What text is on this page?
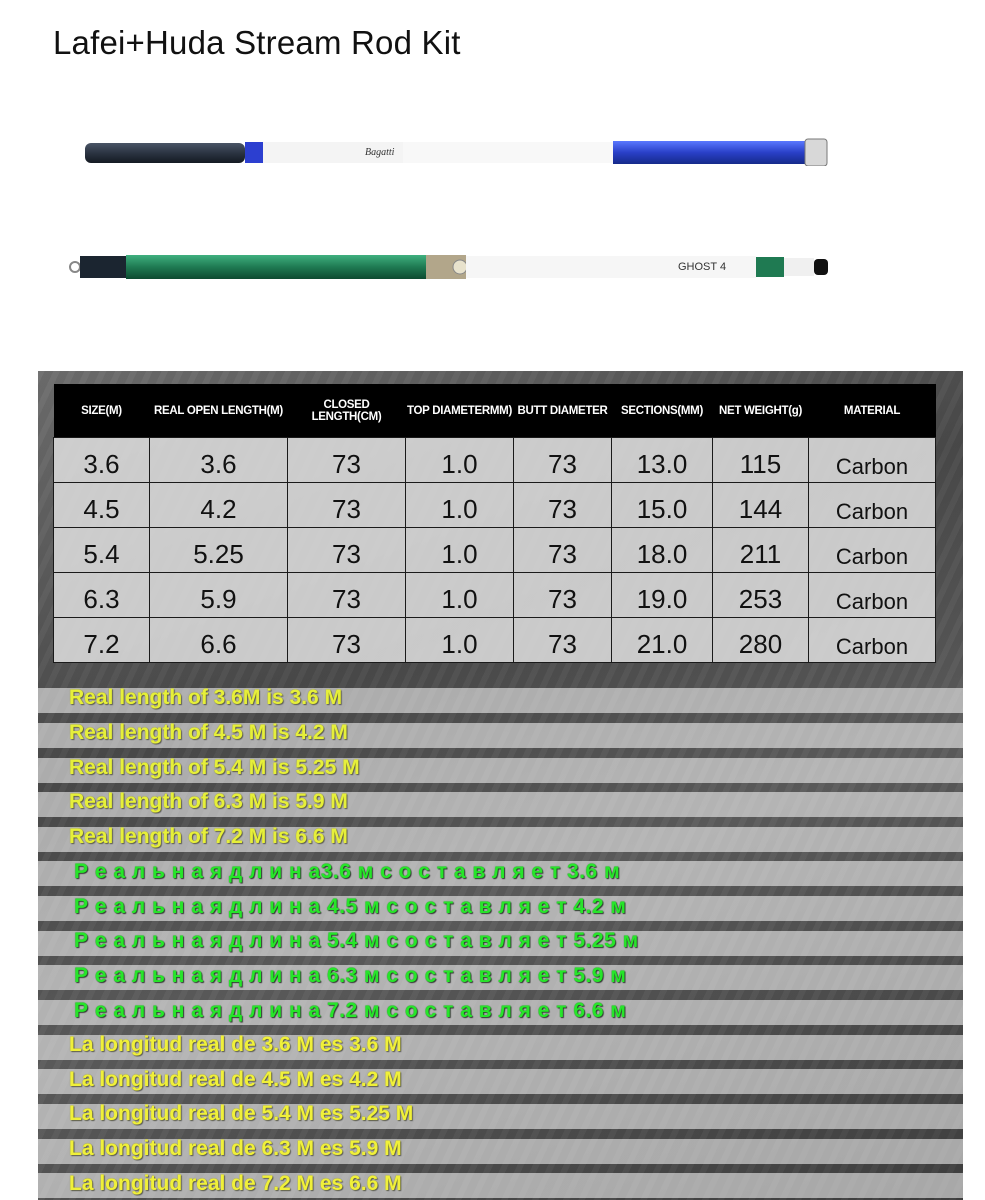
Lafei+Huda Stream Rod Kit
Bagatti
GHOST 4
SIZE(M)	REAL OPEN LENGTH(M)	CLOSED LENGTH(CM)	TOP DIAMETERMM)	BUTT DIAMETER	SECTIONS(MM)	NET WEIGHT(g)	MATERIAL

3.6	3.6	73	1.0	73	13.0	115	Carbon

4.5	4.2	73	1.0	73	15.0	144	Carbon

5.4	5.25	73	1.0	73	18.0	211	Carbon

6.3	5.9	73	1.0	73	19.0	253	Carbon

7.2	6.6	73	1.0	73	21.0	280	Carbon
Real length of 3.6M is 3.6 M
Real length of 4.5 M is 4.2 M
Real length of 5.4 M is 5.25 M
Real length of 6.3 M is 5.9 M
Real length of 7.2 M is 6.6 M
Р е а л ь н а я д л и н а3.6 м с о с т а в л я е т 3.6 м
Р е а л ь н а я д л и н а 4.5 м с о с т а в л я е т 4.2 м
Р е а л ь н а я д л и н а 5.4 м с о с т а в л я е т 5.25 м
Р е а л ь н а я д л и н а 6.3 м с о с т а в л я е т 5.9 м
Р е а л ь н а я д л и н а 7.2 м с о с т а в л я е т 6.6 м
La longitud real de 3.6 M es 3.6 M
La longitud real de 4.5 M es 4.2 M
La longitud real de 5.4 M es 5.25 M
La longitud real de 6.3 M es 5.9 M
La longitud real de 7.2 M es 6.6 M
